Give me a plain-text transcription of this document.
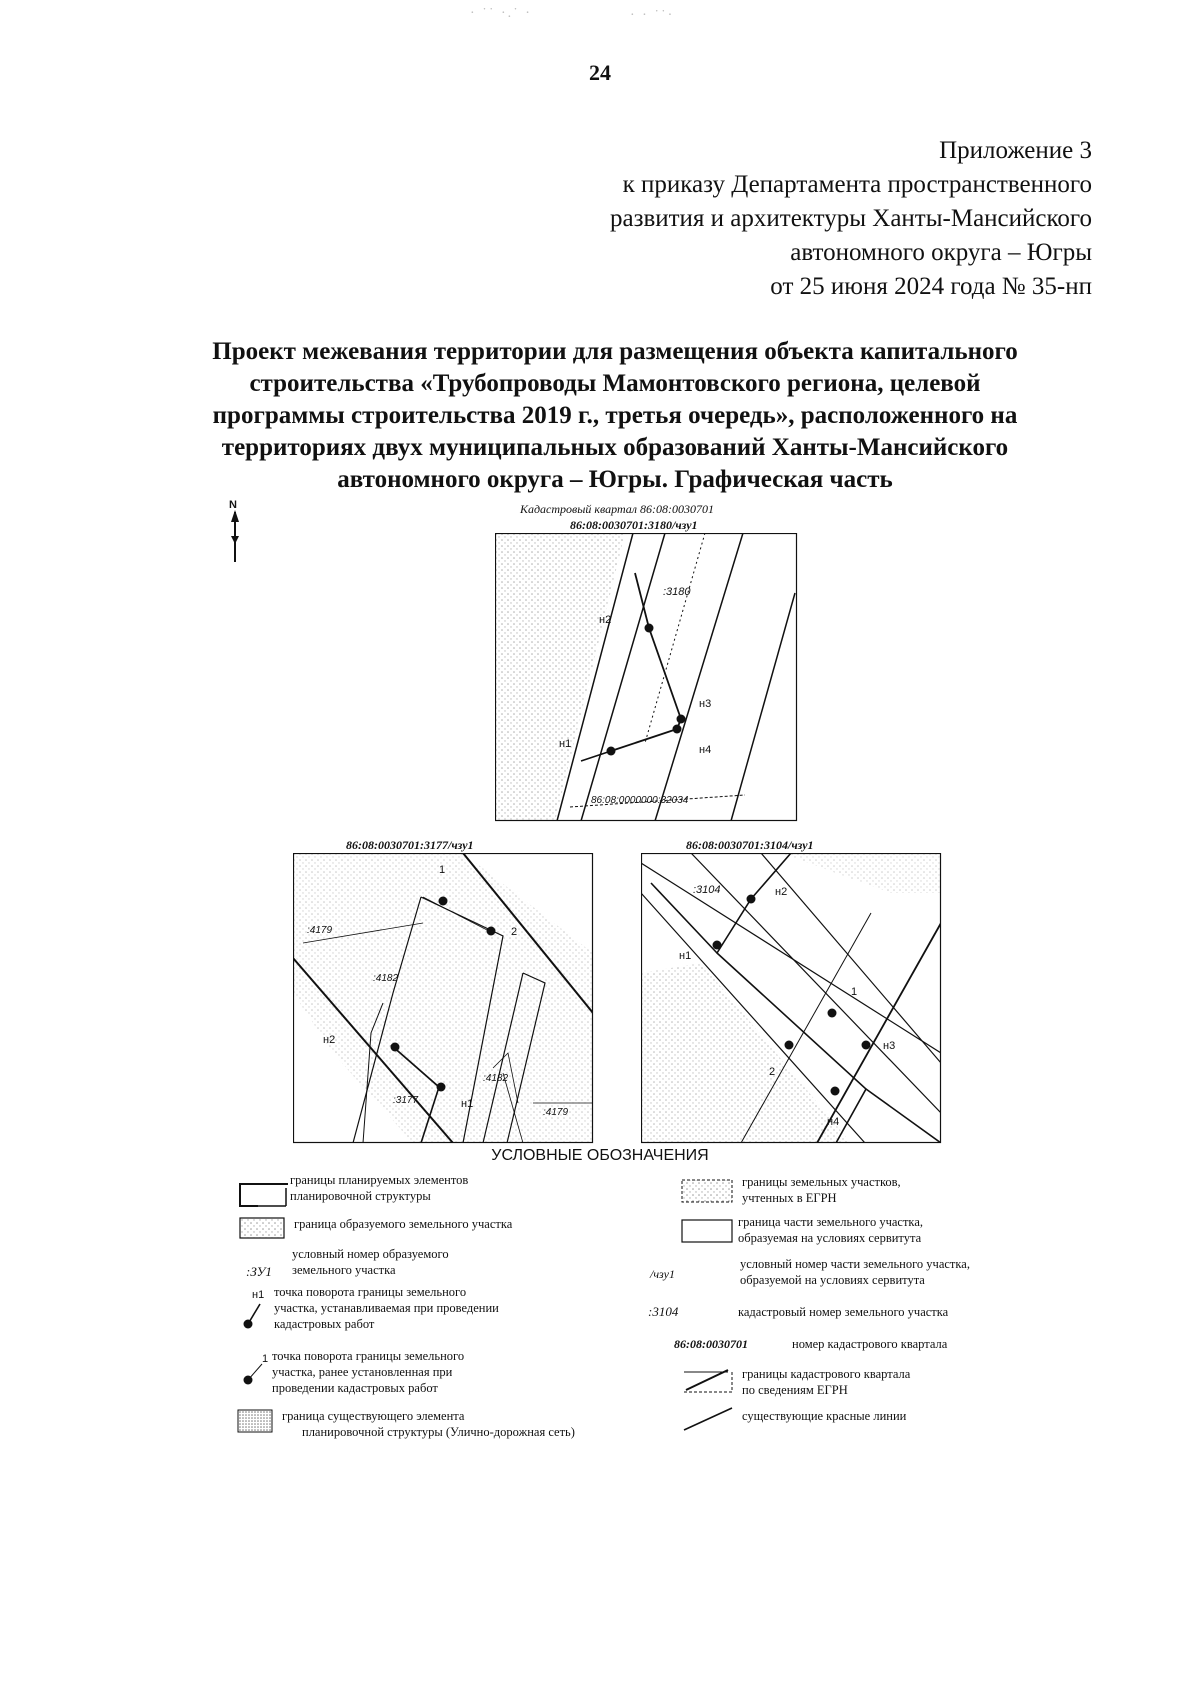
· ˙˙ ·.˙ ·	· · ˙˙·
24
Приложение 3
к приказу Департамента пространственного
развития и архитектуры Ханты-Мансийского
автономного округа – Югры
от 25 июня 2024 года № 35-нп
Проект межевания территории для размещения объекта капитального
строительства «Трубопроводы Мамонтовского региона, целевой
программы строительства 2019 г., третья очередь», расположенного на
территориях двух муниципальных образований Ханты-Мансийского
автономного округа – Югры. Графическая часть
N	Кадастровый квартал 86:08:0030701
86:08:0030701:3180/чзу1
:3180
н2
н3
н4
н1
86:08:0000000:32034
86:08:0030701:3177/чзу1
1
2
н2
н1
:4179
:4182
:3177
:4182
:4179
86:08:0030701:3104/чзу1
:3104	н2
н1
1
н3
2
н4
УСЛОВНЫЕ ОБОЗНАЧЕНИЯ
границы планируемых элементов
планировочной структуры
граница образуемого земельного участка
:ЗУ1
условный номер образуемого
земельного участка
н1 точка поворота границы земельного
участка, устанавливаемая при проведении
кадастровых работ
1 точка поворота границы земельного
участка, ранее установленная при
проведении кадастровых работ
граница существующего элемента
планировочной структуры (Улично-дорожная сеть)
границы земельных участков,
учтенных в ЕГРН
граница части земельного участка,
образуемая на условиях сервитута
/чзу1
условный номер части земельного участка,
образуемой на условиях сервитута
:3104	кадастровый номер земельного участка
86:08:0030701	номер кадастрового квартала
границы кадастрового квартала
по сведениям ЕГРН
существующие красные линии
